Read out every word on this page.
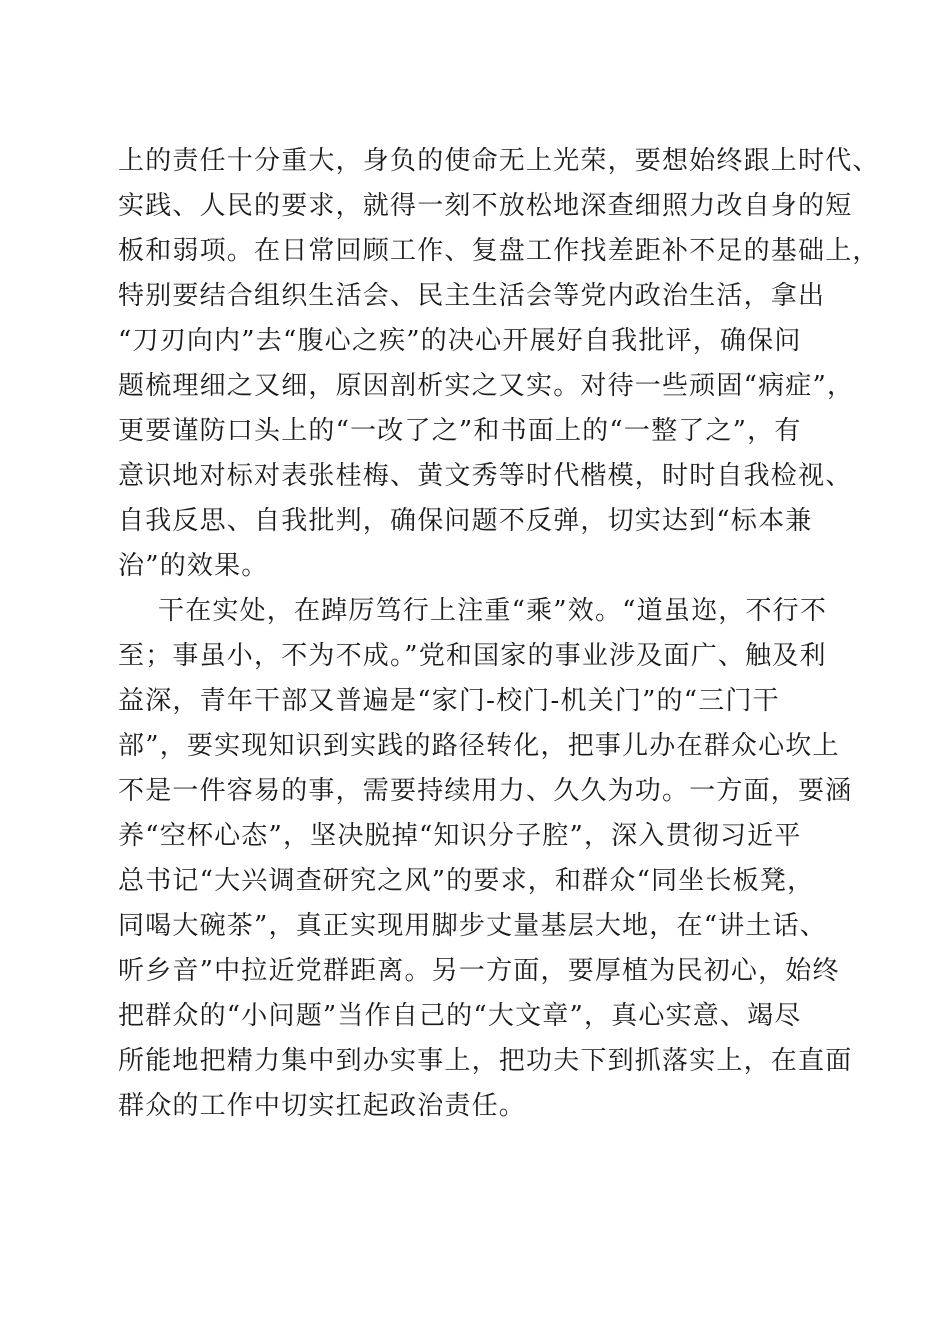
上的责任十分重大，身负的使命无上光荣，要想始终跟上时代、
实践、人民的要求，就得一刻不放松地深查细照力改自身的短
板和弱项。在日常回顾工作、复盘工作找差距补不足的基础上，
特别要结合组织生活会、民主生活会等党内政治生活，拿出
“刀刃向内”去“腹心之疾”的决心开展好自我批评，确保问
题梳理细之又细，原因剖析实之又实。对待一些顽固“病症”，
更要谨防口头上的“一改了之”和书面上的“一整了之”，有
意识地对标对表张桂梅、黄文秀等时代楷模，时时自我检视、
自我反思、自我批判，确保问题不反弹，切实达到“标本兼
治”的效果。
干在实处，在踔厉笃行上注重“乘”效。“道虽迩，不行不
至；事虽小，不为不成。”党和国家的事业涉及面广、触及利
益深，青年干部又普遍是“家门-校门-机关门”的“三门干
部”，要实现知识到实践的路径转化，把事儿办在群众心坎上
不是一件容易的事，需要持续用力、久久为功。一方面，要涵
养“空杯心态”，坚决脱掉“知识分子腔”，深入贯彻习近平
总书记“大兴调查研究之风”的要求，和群众“同坐长板凳，
同喝大碗茶”，真正实现用脚步丈量基层大地，在“讲土话、
听乡音”中拉近党群距离。另一方面，要厚植为民初心，始终
把群众的“小问题”当作自己的“大文章”，真心实意、竭尽
所能地把精力集中到办实事上，把功夫下到抓落实上，在直面
群众的工作中切实扛起政治责任。
